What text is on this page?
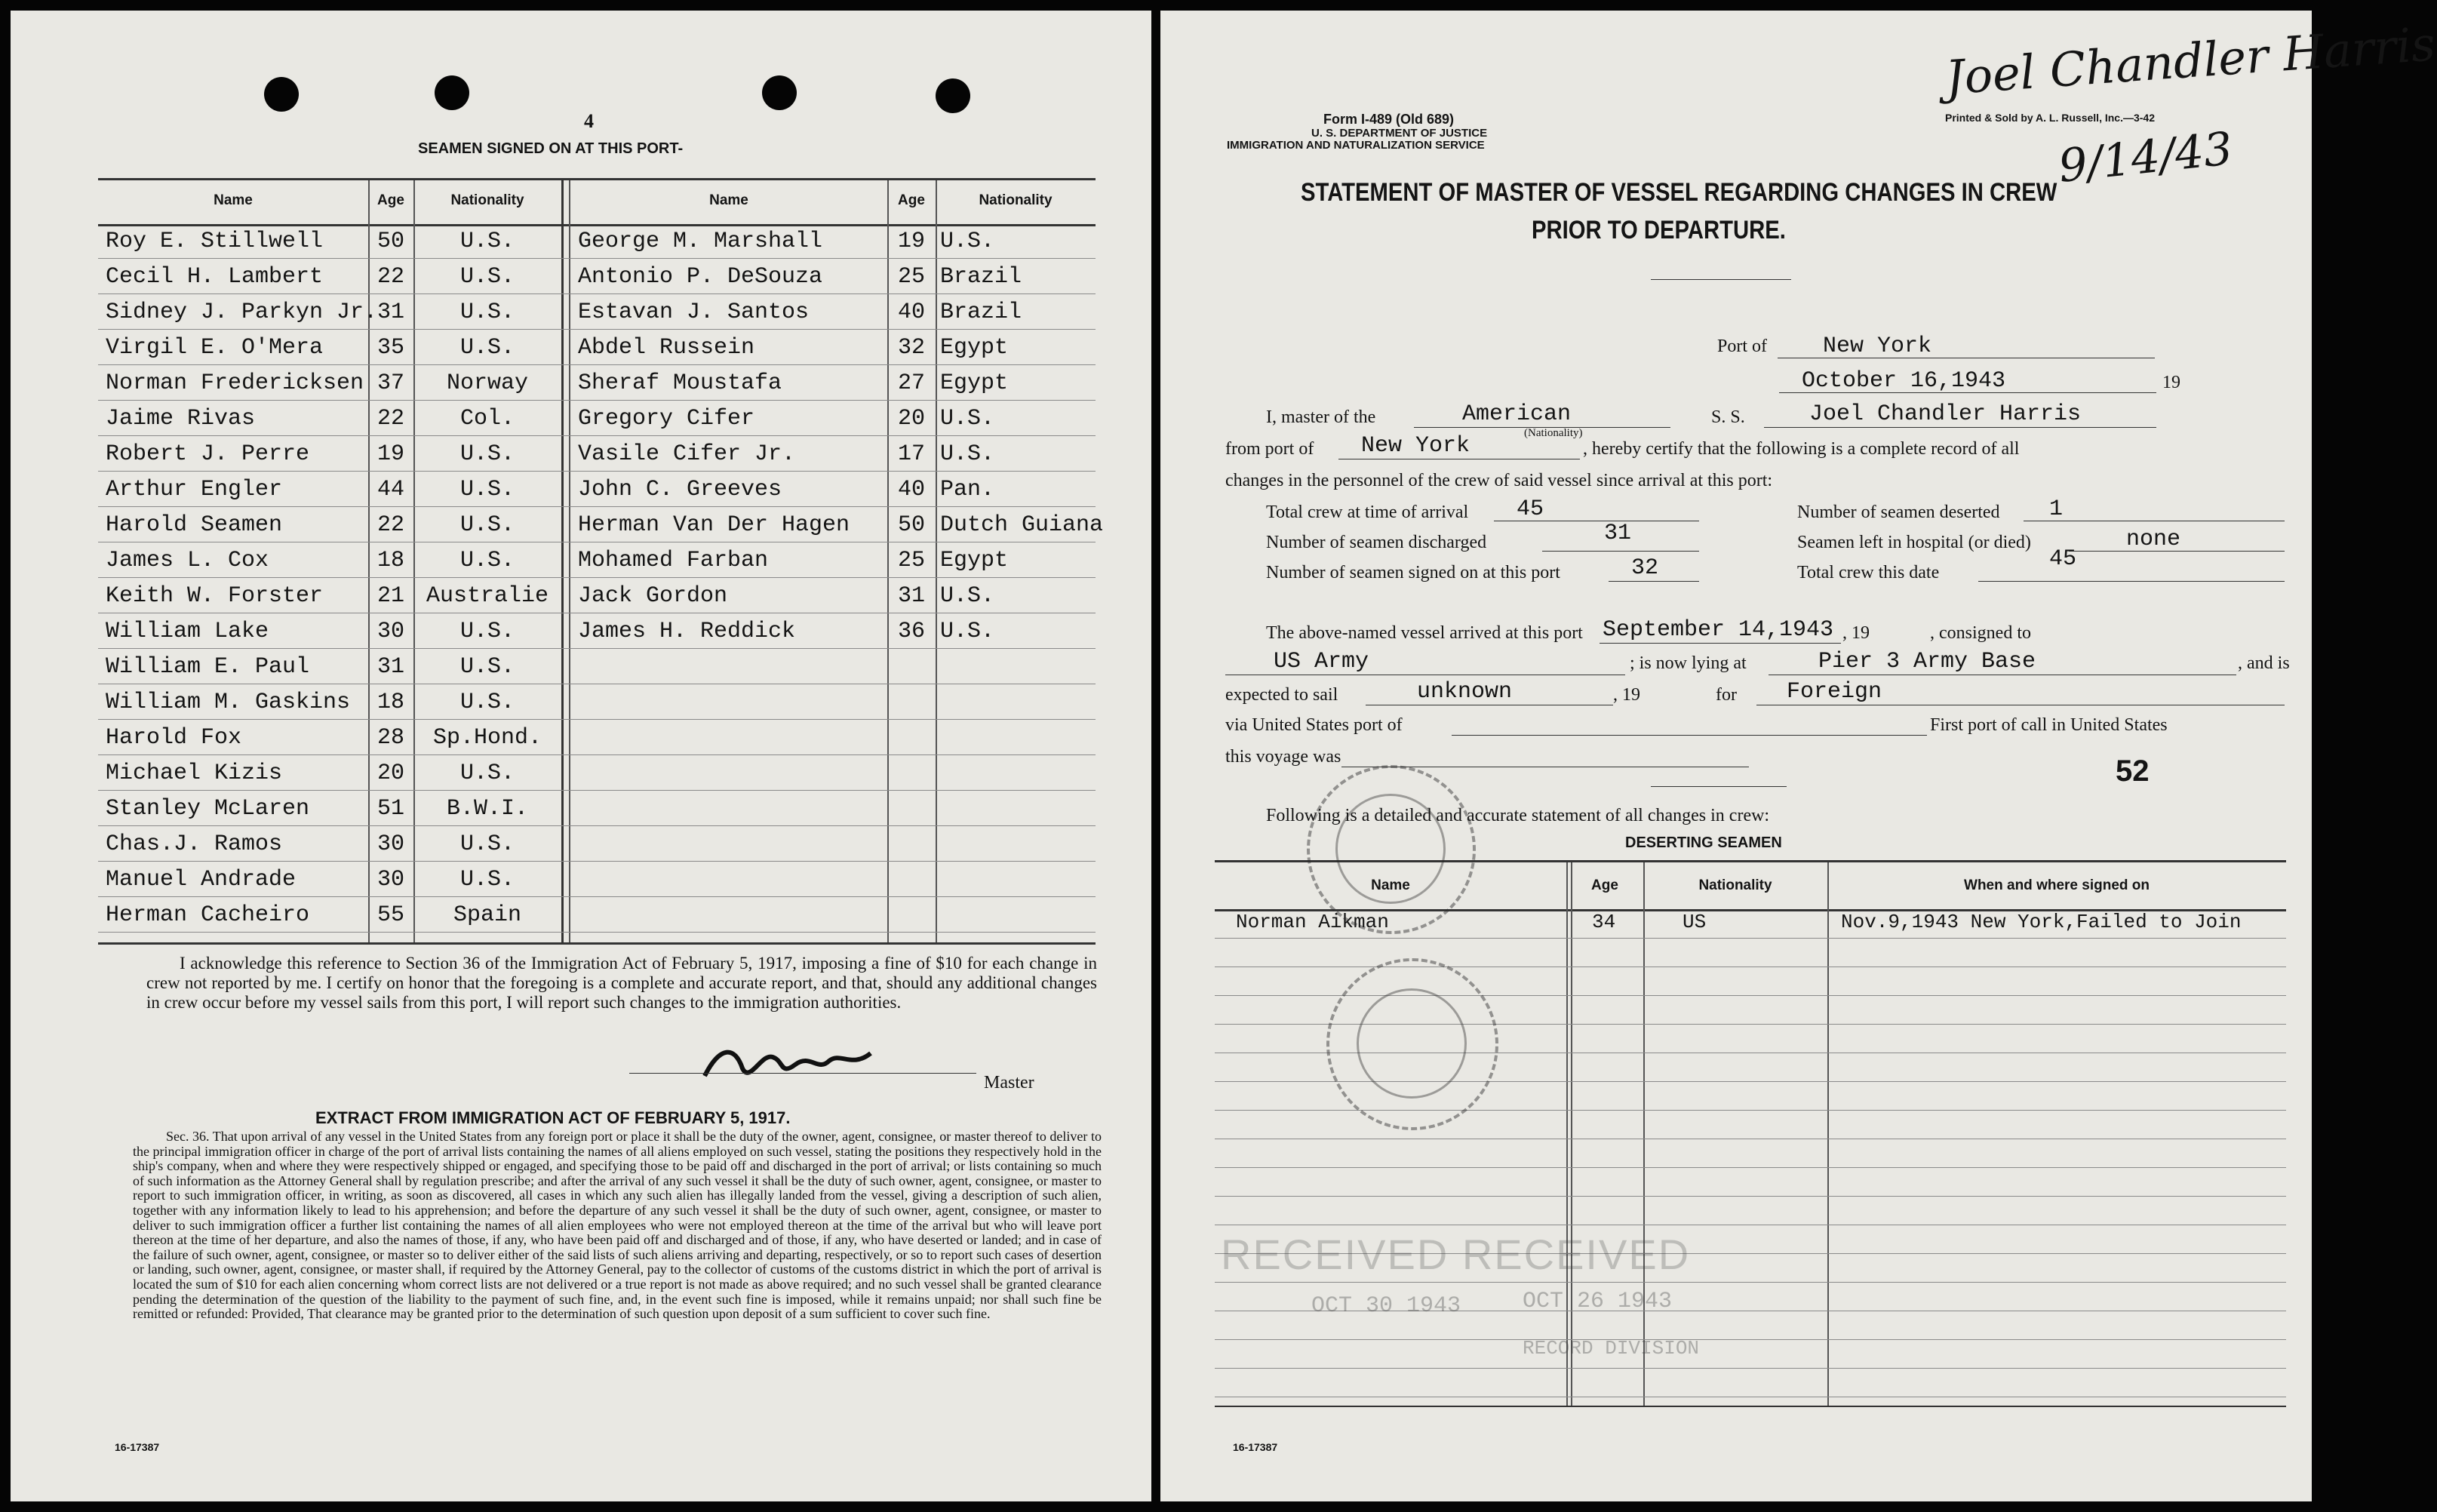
4
SEAMEN SIGNED ON AT THIS PORT-
Name	Age	Nationality	Name	Age	Nationality
Roy E. Stillwell	50	U.S.	George M. Marshall	19 U.S.
Cecil H. Lambert	22	U.S.	Antonio P. DeSouza	25 Brazil
Sidney J. Parkyn Jr. 31	U.S.	Estavan J. Santos	40 Brazil
Virgil E. O'Mera	35	U.S.	Abdel Russein	32 Egypt
Norman Fredericksen 37	Norway	Sheraf Moustafa	27 Egypt
Jaime Rivas	22	Col.	Gregory Cifer	20 U.S.
Robert J. Perre	19	U.S.	Vasile Cifer Jr.	17 U.S.
Arthur Engler	44	U.S.	John C. Greeves	40 Pan.
Harold Seamen	22	U.S.	Herman Van Der Hagen	50 Dutch Guiana
James L. Cox	18	U.S.	Mohamed Farban	25 Egypt
Keith W. Forster	21 Australie	Jack Gordon	31 U.S.
William Lake	30	U.S.	James H. Reddick	36 U.S.
William E. Paul	31	U.S.
William M. Gaskins	18	U.S.
Harold Fox	28	Sp.Hond.
Michael Kizis	20	U.S.
Stanley McLaren	51	B.W.I.
Chas.J. Ramos	30	U.S.
Manuel Andrade	30	U.S.
Herman Cacheiro	55	Spain
I acknowledge this reference to Section 36 of the Immigration Act of February 5, 1917, imposing a fine of $10 for each change in crew not reported by me. I certify on honor that the foregoing is a complete and accurate report, and that, should any additional changes in crew occur before my vessel sails from this port, I will report such changes to the immigration authorities.
Master
EXTRACT FROM IMMIGRATION ACT OF FEBRUARY 5, 1917.
Sec. 36. That upon arrival of any vessel in the United States from any foreign port or place it shall be the duty of the owner, agent, consignee, or master thereof to deliver to the principal immigration officer in charge of the port of arrival lists containing the names of all aliens employed on such vessel, stating the positions they respectively hold in the ship's company, when and where they were respectively shipped or engaged, and specifying those to be paid off and discharged in the port of arrival; or lists containing so much of such information as the Attorney General shall by regulation prescribe; and after the arrival of any such vessel it shall be the duty of such owner, agent, consignee, or master to report to such immigration officer, in writing, as soon as discovered, all cases in which any such alien has illegally landed from the vessel, giving a description of such alien, together with any information likely to lead to his apprehension; and before the departure of any such vessel it shall be the duty of such owner, agent, consignee, or master to deliver to such immigration officer a further list containing the names of all alien employees who were not employed thereon at the time of the arrival but who will leave port thereon at the time of her departure, and also the names of those, if any, who have been paid off and discharged and of those, if any, who have deserted or landed; and in case of the failure of such owner, agent, consignee, or master so to deliver either of the said lists of such aliens arriving and departing, respectively, or so to report such cases of desertion or landing, such owner, agent, consignee, or master shall, if required by the Attorney General, pay to the collector of customs of the customs district in which the port of arrival is located the sum of $10 for each alien concerning whom correct lists are not delivered or a true report is not made as above required; and no such vessel shall be granted clearance pending the determination of the question of the liability to the payment of such fine, and, in the event such fine is imposed, while it remains unpaid; nor shall such fine be remitted or refunded: Provided, That clearance may be granted prior to the determination of such question upon deposit of a sum sufficient to cover such fine.
16-17387
Form I-489 (Old 689)
U. S. DEPARTMENT OF JUSTICE
IMMIGRATION AND NATURALIZATION SERVICE
Printed & Sold by A. L. Russell, Inc.—3-42
Joel Chandler Harris
9/14/43
STATEMENT OF MASTER OF VESSEL REGARDING CHANGES IN CREW
PRIOR TO DEPARTURE.
Port of New York
October 16,1943	19
I, master of the	American
(Nationality)
S. S.	Joel Chandler Harris
from port of New York	, hereby certify that the following is a complete record of all
changes in the personnel of the crew of said vessel since arrival at this port:
Total crew at time of arrival 45	Number of seamen deserted 1
Number of seamen discharged	31	Seamen left in hospital (or died)	none
Number of seamen signed on at this port	32	Total crew this date
45
The above-named vessel arrived at this port September 14,1943 , 19	, consigned to
US Army	; is now lying at	Pier 3 Army Base	, and is
expected to sail	unknown	, 19	for Foreign
via United States port of	First port of call in United States
this voyage was	52
Following is a detailed and accurate statement of all changes in crew:
DESERTING SEAMEN
Name	Age	Nationality	When and where signed on
Norman Aikman	34	US	Nov.9,1943 New York,Failed to Join
RECEIVED RECEIVED
OCT 30 1943	OCT 26 1943
RECORD DIVISION
16-17387
